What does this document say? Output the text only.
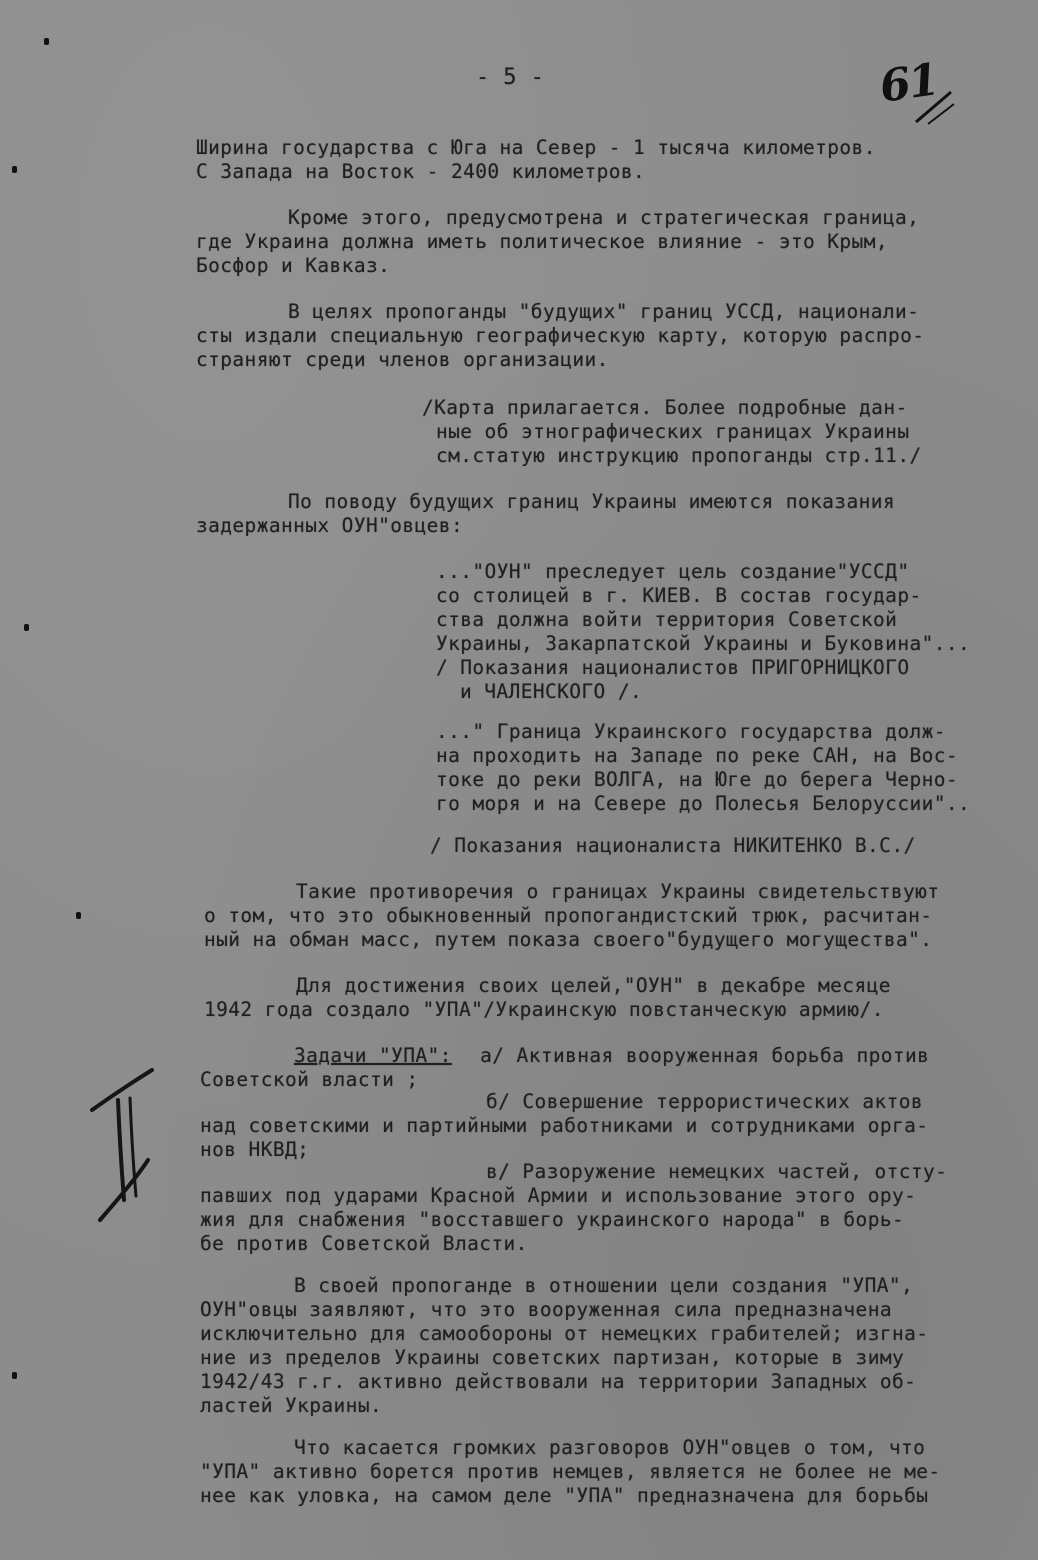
- 5 -	61
Ширина государства с Юга на Север - 1 тысяча километров.
С Запада на Восток - 2400 километров.
Кроме этого, предусмотрена и стратегическая граница,
где Украина должна иметь политическое влияние - это Крым,
Босфор и Кавказ.
В целях пропоганды "будущих" границ УССД, национали-
сты издали специальную географическую карту, которую распро-
страняют среди членов организации.
/Карта прилагается. Более подробные дан-
ные об этнографических границах Украины
см.статую инструкцию пропоганды стр.11./
По поводу будущих границ Украины имеются показания
задержанных ОУН"овцев:
..."ОУН" преследует цель создание"УССД"
со столицей в г. КИЕВ. В состав государ-
ства должна войти территория Советской
Украины, Закарпатской Украины и Буковина"...
/ Показания националистов ПРИГОРНИЦКОГО
и ЧАЛЕНСКОГО /.
..." Граница Украинского государства долж-
на проходить на Западе по реке САН, на Вос-
токе до реки ВОЛГА, на Юге до берега Черно-
го моря и на Севере до Полесья Белоруссии"..
/ Показания националиста НИКИТЕНКО В.С./
Такие противоречия о границах Украины свидетельствуют
о том, что это обыкновенный пропогандистский трюк, расчитан-
ный на обман масс, путем показа своего"будущего могущества".
Для достижения своих целей,"ОУН" в декабре месяце
1942 года создало "УПА"/Украинскую повстанческую армию/.
Задачи "УПА": а/ Активная вооруженная борьба против
Советской власти ;
б/ Совершение террористических актов
над советскими и партийными работниками и сотрудниками орга-
нов НКВД;
в/ Разоружение немецких частей, отсту-
павших под ударами Красной Армии и использование этого ору-
жия для снабжения "восставшего украинского народа" в борь-
бе против Советской Власти.
В своей пропоганде в отношении цели создания "УПА",
ОУН"овцы заявляют, что это вооруженная сила предназначена
исключительно для самообороны от немецких грабителей; изгна-
ние из пределов Украины советских партизан, которые в зиму
1942/43 г.г. активно действовали на территории Западных об-
ластей Украины.
Что касается громких разговоров ОУН"овцев о том, что
"УПА" активно борется против немцев, является не более не ме-
нее как уловка, на самом деле "УПА" предназначена для борьбы
